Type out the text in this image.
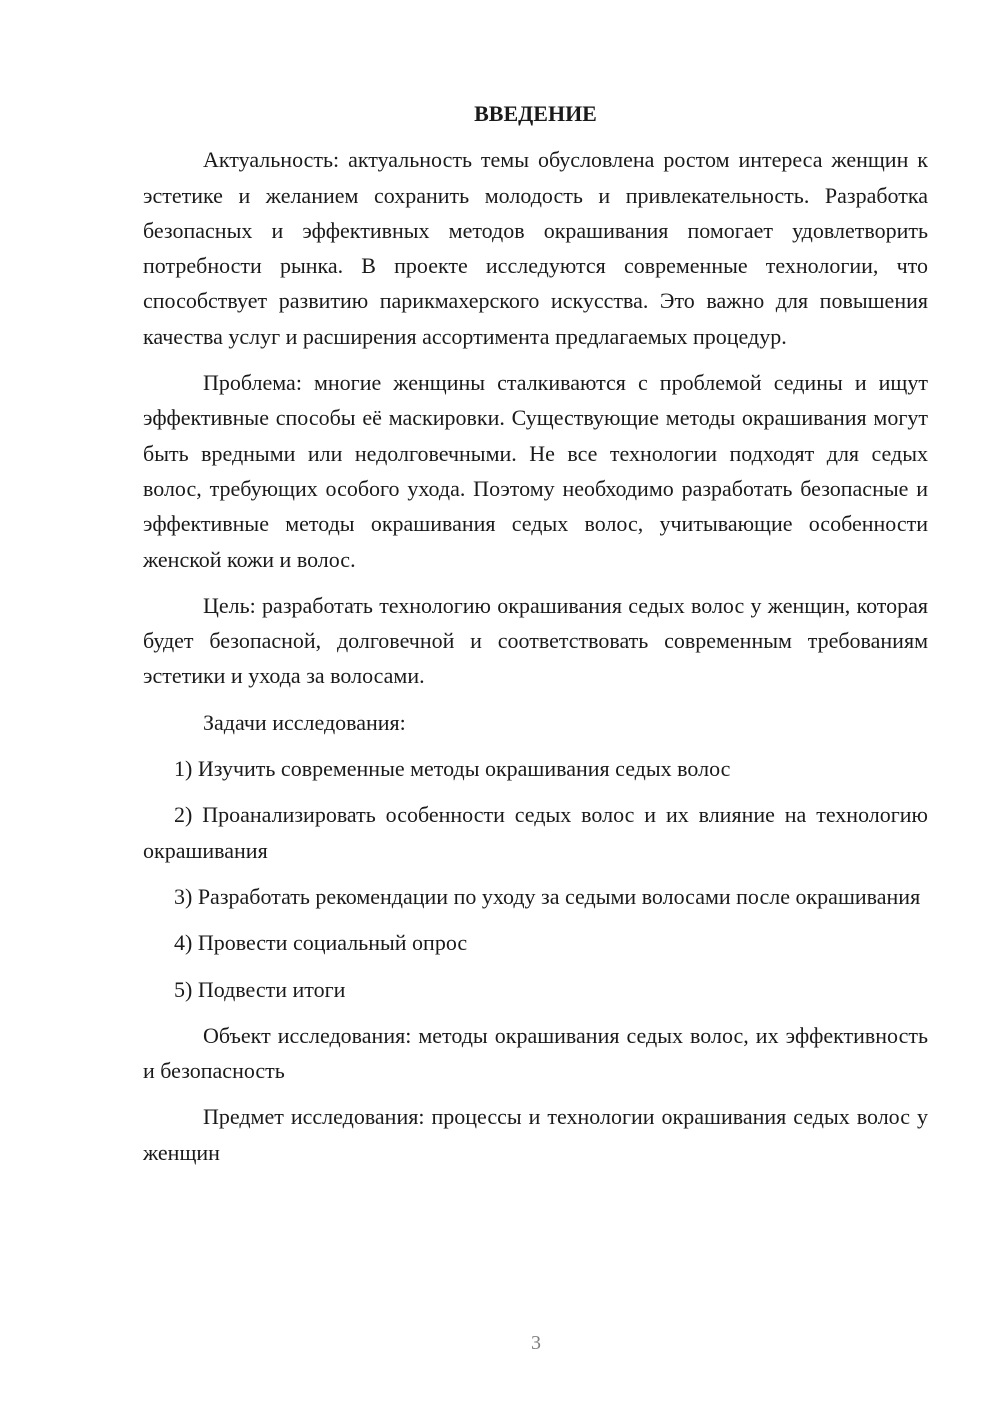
ВВЕДЕНИЕ

Актуальность: актуальность темы обусловлена ростом интереса женщин к эстетике и желанием сохранить молодость и привлекательность. Разработка безопасных и эффективных методов окрашивания помогает удовлетворить потребности рынка. В проекте исследуются современные технологии, что способствует развитию парикмахерского искусства. Это важно для повышения качества услуг и расширения ассортимента предлагаемых процедур.

Проблема: многие женщины сталкиваются с проблемой седины и ищут эффективные способы её маскировки. Существующие методы окрашивания могут быть вредными или недолговечными. Не все технологии подходят для седых волос, требующих особого ухода. Поэтому необходимо разработать безопасные и эффективные методы окрашивания седых волос, учитывающие особенности женской кожи и волос.

Цель: разработать технологию окрашивания седых волос у женщин, которая будет безопасной, долговечной и соответствовать современным требованиям эстетики и ухода за волосами.

Задачи исследования:

1) Изучить современные методы окрашивания седых волос

2) Проанализировать особенности седых волос и их влияние на технологию окрашивания

3) Разработать рекомендации по уходу за седыми волосами после окрашивания

4) Провести социальный опрос

5) Подвести итоги

Объект исследования: методы окрашивания седых волос, их эффективность и безопасность

Предмет исследования: процессы и технологии окрашивания седых волос у женщин

3
